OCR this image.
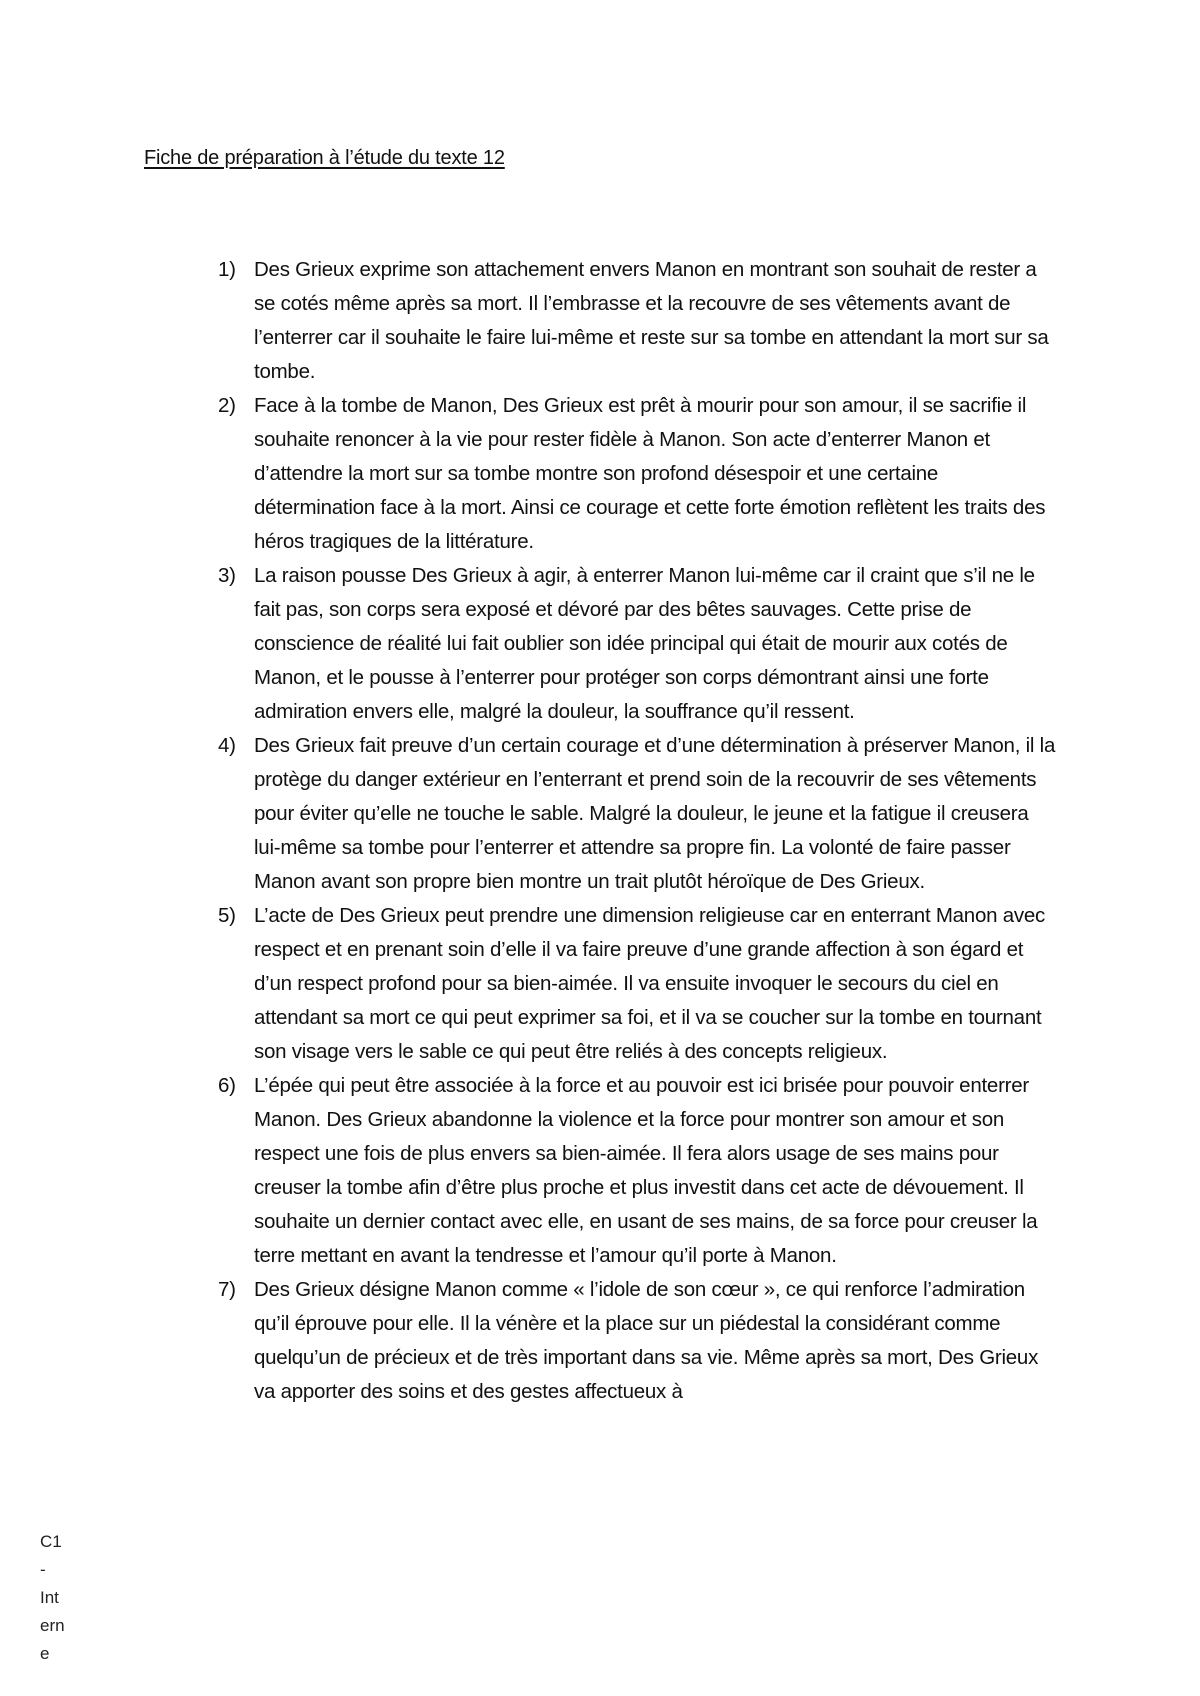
Fiche de préparation à l’étude du texte 12
1) Des Grieux exprime son attachement envers Manon en montrant son souhait de rester a se cotés même après sa mort. Il l’embrasse et la recouvre de ses vêtements avant de l’enterrer car il souhaite le faire lui-même et reste sur sa tombe en attendant la mort sur sa tombe.
2) Face à la tombe de Manon, Des Grieux est prêt à mourir pour son amour, il se sacrifie il souhaite renoncer à la vie pour rester fidèle à Manon. Son acte d’enterrer Manon et d’attendre la mort sur sa tombe montre son profond désespoir et une certaine détermination face à la mort. Ainsi ce courage et cette forte émotion reflètent les traits des héros tragiques de la littérature.
3) La raison pousse Des Grieux à agir, à enterrer Manon lui-même car il craint que s’il ne le fait pas, son corps sera exposé et dévoré par des bêtes sauvages. Cette prise de conscience de réalité lui fait oublier son idée principal qui était de mourir aux cotés de Manon, et le pousse à l’enterrer pour protéger son corps démontrant ainsi une forte admiration envers elle, malgré la douleur, la souffrance qu’il ressent.
4) Des Grieux fait preuve d’un certain courage et d’une détermination à préserver Manon, il la protège du danger extérieur en l’enterrant et prend soin de la recouvrir de ses vêtements pour éviter qu’elle ne touche le sable. Malgré la douleur, le jeune et la fatigue il creusera lui-même sa tombe pour l’enterrer et attendre sa propre fin. La volonté de faire passer Manon avant son propre bien montre un trait plutôt héroïque de Des Grieux.
5) L’acte de Des Grieux peut prendre une dimension religieuse car en enterrant Manon avec respect et en prenant soin d’elle il va faire preuve d’une grande affection à son égard et d’un respect profond pour sa bien-aimée. Il va ensuite invoquer le secours du ciel en attendant sa mort ce qui peut exprimer sa foi, et il va se coucher sur la tombe en tournant son visage vers le sable ce qui peut être reliés à des concepts religieux.
6) L’épée qui peut être associée à la force et au pouvoir est ici brisée pour pouvoir enterrer Manon. Des Grieux abandonne la violence et la force pour montrer son amour et son respect une fois de plus envers sa bien-aimée. Il fera alors usage de ses mains pour creuser la tombe afin d’être plus proche et plus investit dans cet acte de dévouement. Il souhaite un dernier contact avec elle, en usant de ses mains, de sa force pour creuser la terre mettant en avant la tendresse et l’amour qu’il porte à Manon.
7) Des Grieux désigne Manon comme « l’idole de son cœur », ce qui renforce l’admiration qu’il éprouve pour elle. Il la vénère et la place sur un piédestal la considérant comme quelqu’un de précieux et de très important dans sa vie. Même après sa mort, Des Grieux va apporter des soins et des gestes affectueux à
C1
-
Int
ern
e
